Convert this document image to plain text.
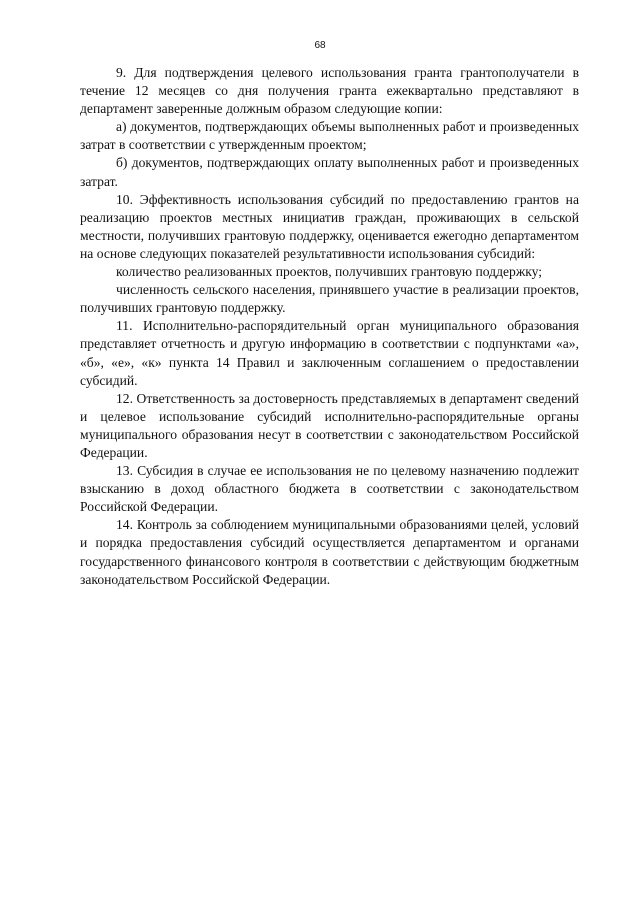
68

9. Для подтверждения целевого использования гранта грантополучатели в течение 12 месяцев со дня получения гранта ежеквартально представляют в департамент заверенные должным образом следующие копии:

а) документов, подтверждающих объемы выполненных работ и произведенных затрат в соответствии с утвержденным проектом;

б) документов, подтверждающих оплату выполненных работ и произведенных затрат.

10. Эффективность использования субсидий по предоставлению грантов на реализацию проектов местных инициатив граждан, проживающих в сельской местности, получивших грантовую поддержку, оценивается ежегодно департаментом на основе следующих показателей результативности использования субсидий:

количество реализованных проектов, получивших грантовую поддержку;

численность сельского населения, принявшего участие в реализации проектов, получивших грантовую поддержку.

11. Исполнительно-распорядительный орган муниципального образования представляет отчетность и другую информацию в соответствии с подпунктами «а», «б», «е», «к» пункта 14 Правил и заключенным соглашением о предоставлении субсидий.

12. Ответственность за достоверность представляемых в департамент сведений и целевое использование субсидий исполнительно-распорядительные органы муниципального образования несут в соответствии с законодательством Российской Федерации.

13. Субсидия в случае ее использования не по целевому назначению подлежит взысканию в доход областного бюджета в соответствии с законодательством Российской Федерации.

14. Контроль за соблюдением муниципальными образованиями целей, условий и порядка предоставления субсидий осуществляется департаментом и органами государственного финансового контроля в соответствии с действующим бюджетным законодательством Российской Федерации.
